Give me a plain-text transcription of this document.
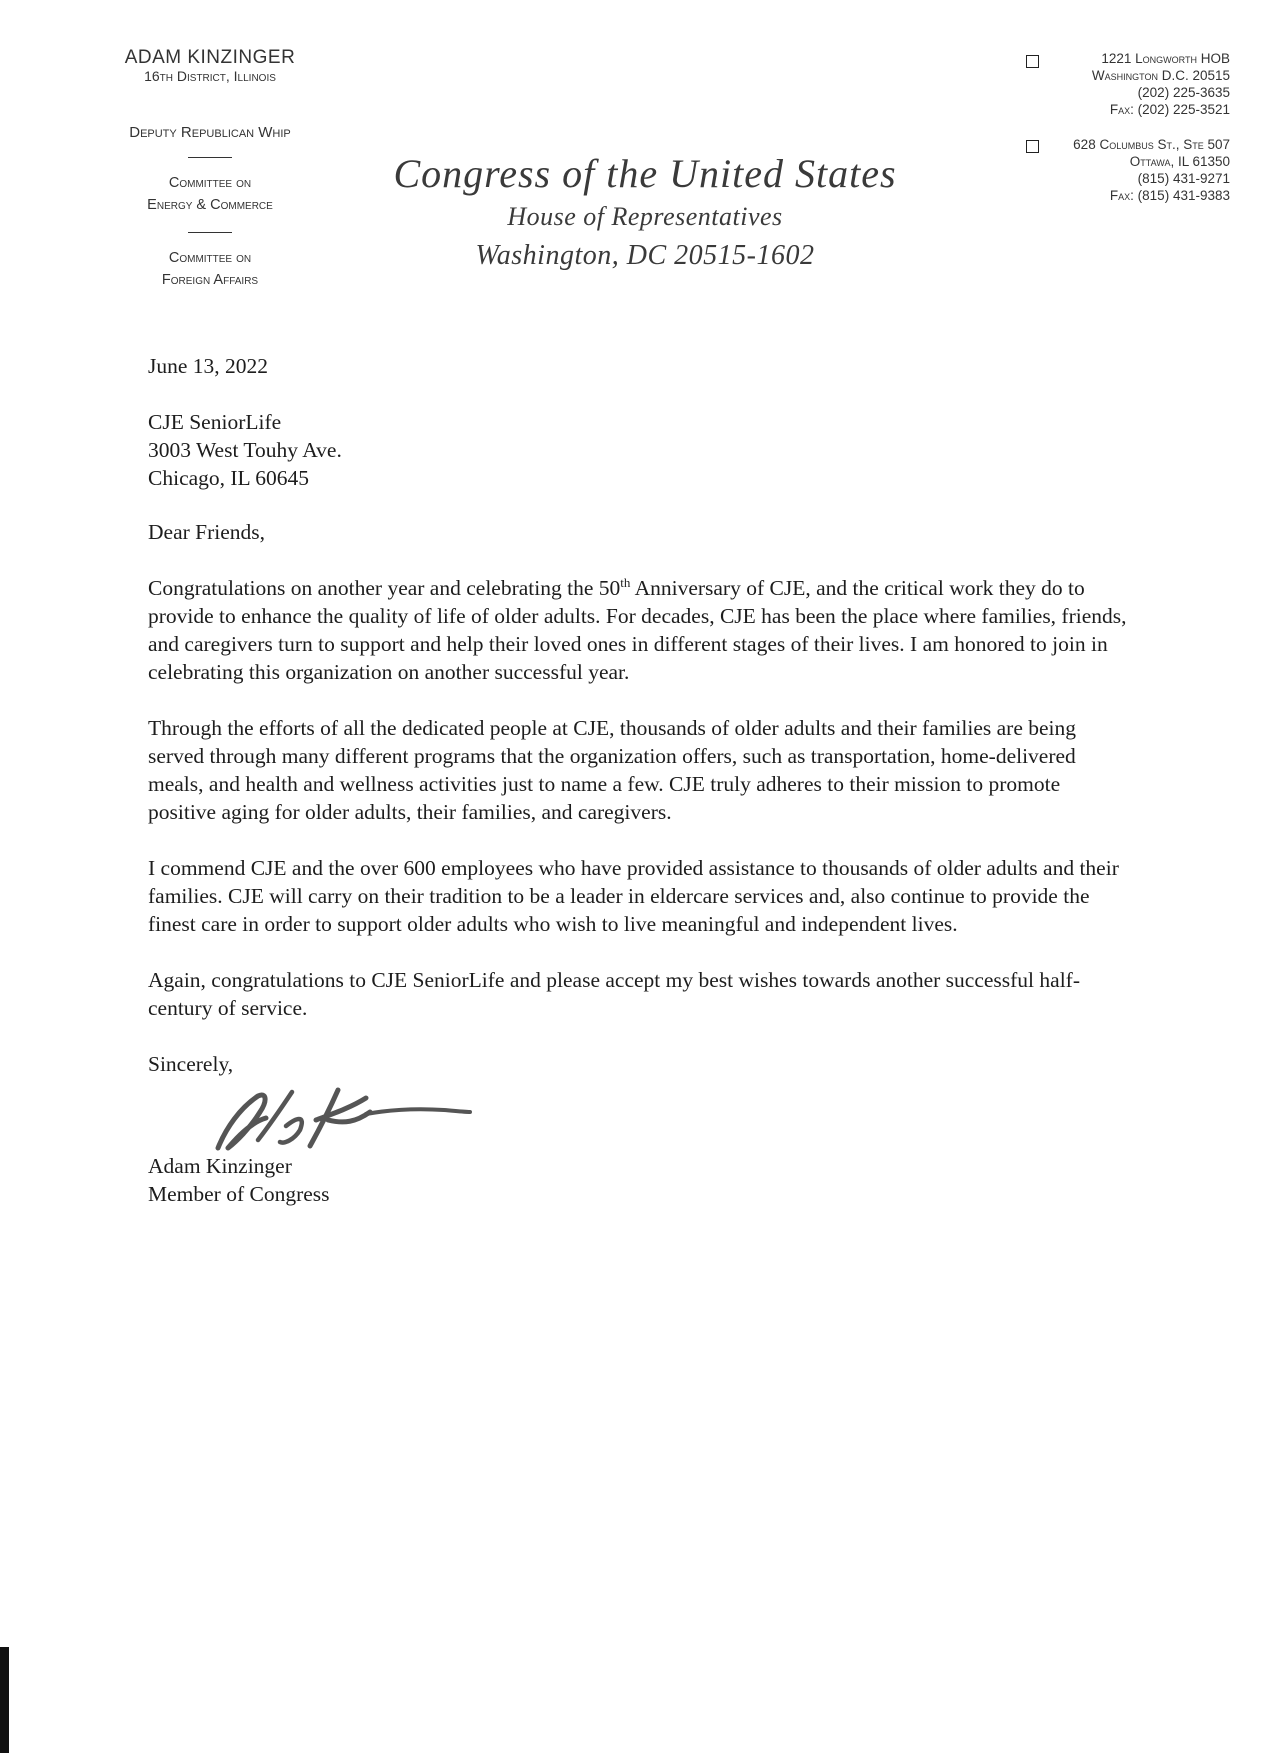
ADAM KINZINGER
16th District, Illinois
Deputy Republican Whip
Committee on
Energy & Commerce
Committee on
Foreign Affairs
Congress of the United States
House of Representatives
Washington, DC 20515-1602
1221 Longworth HOB
Washington D.C. 20515
(202) 225-3635
Fax: (202) 225-3521
628 Columbus St., Ste 507
Ottawa, IL 61350
(815) 431-9271
Fax: (815) 431-9383
June 13, 2022
CJE SeniorLife
3003 West Touhy Ave.
Chicago, IL 60645
Dear Friends,

Congratulations on another year and celebrating the 50th Anniversary of CJE, and the critical work they do to provide to enhance the quality of life of older adults. For decades, CJE has been the place where families, friends, and caregivers turn to support and help their loved ones in different stages of their lives. I am honored to join in celebrating this organization on another successful year.

Through the efforts of all the dedicated people at CJE, thousands of older adults and their families are being served through many different programs that the organization offers, such as transportation, home-delivered meals, and health and wellness activities just to name a few. CJE truly adheres to their mission to promote positive aging for older adults, their families, and caregivers.

I commend CJE and the over 600 employees who have provided assistance to thousands of older adults and their families. CJE will carry on their tradition to be a leader in eldercare services and, also continue to provide the finest care in order to support older adults who wish to live meaningful and independent lives.

Again, congratulations to CJE SeniorLife and please accept my best wishes towards another successful half-century of service.

Sincerely,
Adam Kinzinger
Member of Congress
